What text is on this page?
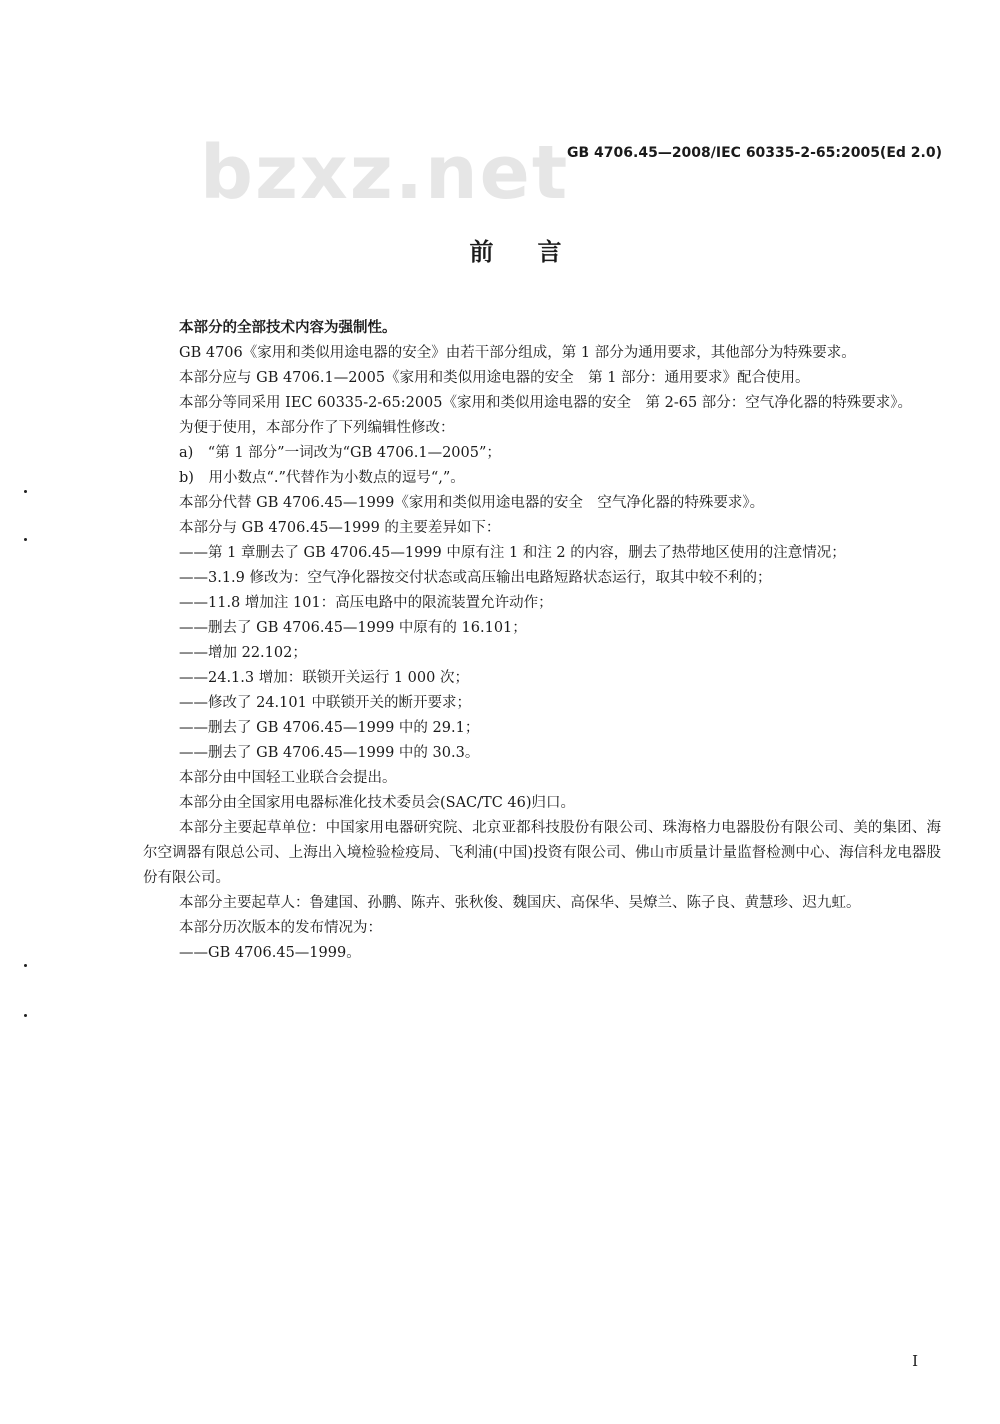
bzxz.net
GB 4706.45—2008/IEC 60335-2-65:2005(Ed 2.0)
前言

本部分的全部技术内容为强制性。

GB 4706《家用和类似用途电器的安全》由若干部分组成，第 1 部分为通用要求，其他部分为特殊要求。

本部分应与 GB 4706.1—2005《家用和类似用途电器的安全　第 1 部分：通用要求》配合使用。

本部分等同采用 IEC 60335-2-65:2005《家用和类似用途电器的安全　第 2-65 部分：空气净化器的特殊要求》。

为便于使用，本部分作了下列编辑性修改：

a)　“第 1 部分”一词改为“GB 4706.1—2005”；

b)　用小数点“.”代替作为小数点的逗号“,”。

本部分代替 GB 4706.45—1999《家用和类似用途电器的安全　空气净化器的特殊要求》。

本部分与 GB 4706.45—1999 的主要差异如下：

——第 1 章删去了 GB 4706.45—1999 中原有注 1 和注 2 的内容，删去了热带地区使用的注意情况；

——3.1.9 修改为：空气净化器按交付状态或高压输出电路短路状态运行，取其中较不利的；

——11.8 增加注 101：高压电路中的限流装置允许动作；

——删去了 GB 4706.45—1999 中原有的 16.101；

——增加 22.102；

——24.1.3 增加：联锁开关运行 1 000 次；

——修改了 24.101 中联锁开关的断开要求；

——删去了 GB 4706.45—1999 中的 29.1；

——删去了 GB 4706.45—1999 中的 30.3。

本部分由中国轻工业联合会提出。

本部分由全国家用电器标准化技术委员会(SAC/TC 46)归口。

本部分主要起草单位：中国家用电器研究院、北京亚都科技股份有限公司、珠海格力电器股份有限公司、美的集团、海尔空调器有限总公司、上海出入境检验检疫局、飞利浦(中国)投资有限公司、佛山市质量计量监督检测中心、海信科龙电器股份有限公司。

本部分主要起草人：鲁建国、孙鹏、陈卉、张秋俊、魏国庆、高保华、吴燎兰、陈子良、黄慧珍、迟九虹。

本部分历次版本的发布情况为：

——GB 4706.45—1999。

I
